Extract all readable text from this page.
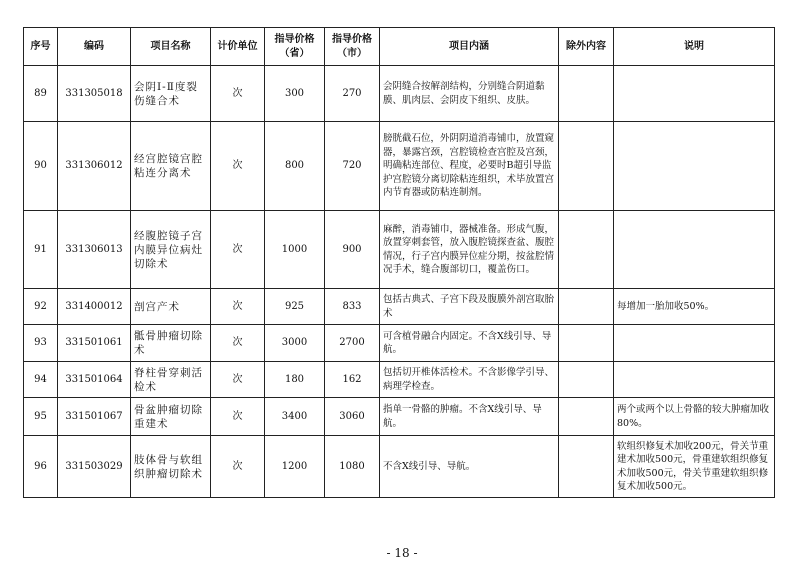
序号	编码	项目名称	计价单位	指导价格（省）	指导价格（市）	项目内涵	除外内容	说明
89	331305018	会阴Ⅰ-Ⅱ度裂伤缝合术	次	300	270	会阴缝合按解剖结构，分别缝合阴道黏膜、肌肉层、会阴皮下组织、皮肤。		
90	331306012	经宫腔镜宫腔粘连分离术	次	800	720	膀胱截石位，外阴阴道消毒铺巾，放置窥器，暴露宫颈，宫腔镜检查宫腔及宫颈，明确粘连部位、程度，必要时B超引导监护宫腔镜分离切除粘连组织，术毕放置宫内节育器或防粘连制剂。		
91	331306013	经腹腔镜子宫内膜异位病灶切除术	次	1000	900	麻醉，消毒铺巾，器械准备。形成气腹，放置穿刺套管，放入腹腔镜探查盆、腹腔情况，行子宫内膜异位症分期，按盆腔情况手术，缝合腹部切口，覆盖伤口。		
92	331400012	剖宫产术	次	925	833	包括古典式、子宫下段及腹膜外剖宫取胎术		每增加一胎加收50%。
93	331501061	骶骨肿瘤切除术	次	3000	2700	可含植骨融合内固定。不含X线引导、导航。		
94	331501064	脊柱骨穿刺活检术	次	180	162	包括切开椎体活检术。不含影像学引导、病理学检查。		
95	331501067	骨盆肿瘤切除重建术	次	3400	3060	指单一骨骼的肿瘤。不含X线引导、导航。		两个或两个以上骨骼的较大肿瘤加收80%。
96	331503029	肢体骨与软组织肿瘤切除术	次	1200	1080	不含X线引导、导航。		软组织修复术加收200元，骨关节重建术加收500元，骨重建软组织修复术加收500元，骨关节重建软组织修复术加收500元。
- 18 -
